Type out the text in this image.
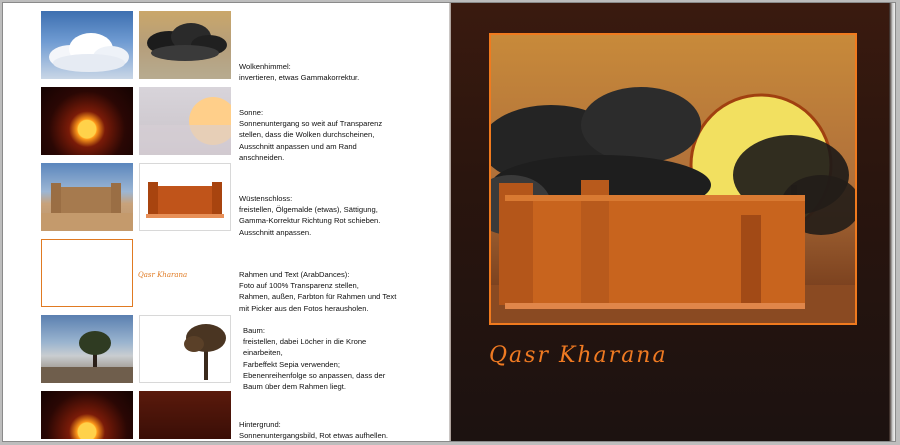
Wolkenhimmel:
invertieren, etwas Gammakorrektur.
Sonne:
Sonnenuntergang so weit auf Transparenz
stellen, dass die Wolken durchscheinen,
Ausschnitt anpassen und am Rand
anschneiden.
Wüstenschloss:
freistellen, Ölgemalde (etwas), Sättigung,
Gamma-Korrektur Richtung Rot schieben.
Ausschnitt anpassen.
Qasr Kharana	Rahmen und Text (ArabDances):
Foto auf 100% Transparenz stellen,
Rahmen, außen, Farbton für Rahmen und Text
mit Picker aus den Fotos herausholen.
Baum:
freistellen, dabei Löcher in die Krone
einarbeiten,
Farbeffekt Sepia verwenden;
Ebenenreihenfolge so anpassen, dass der
Baum über dem Rahmen liegt.
Hintergrund:
Sonnenuntergangsbild, Rot etwas aufhellen.
Qasr Kharana
